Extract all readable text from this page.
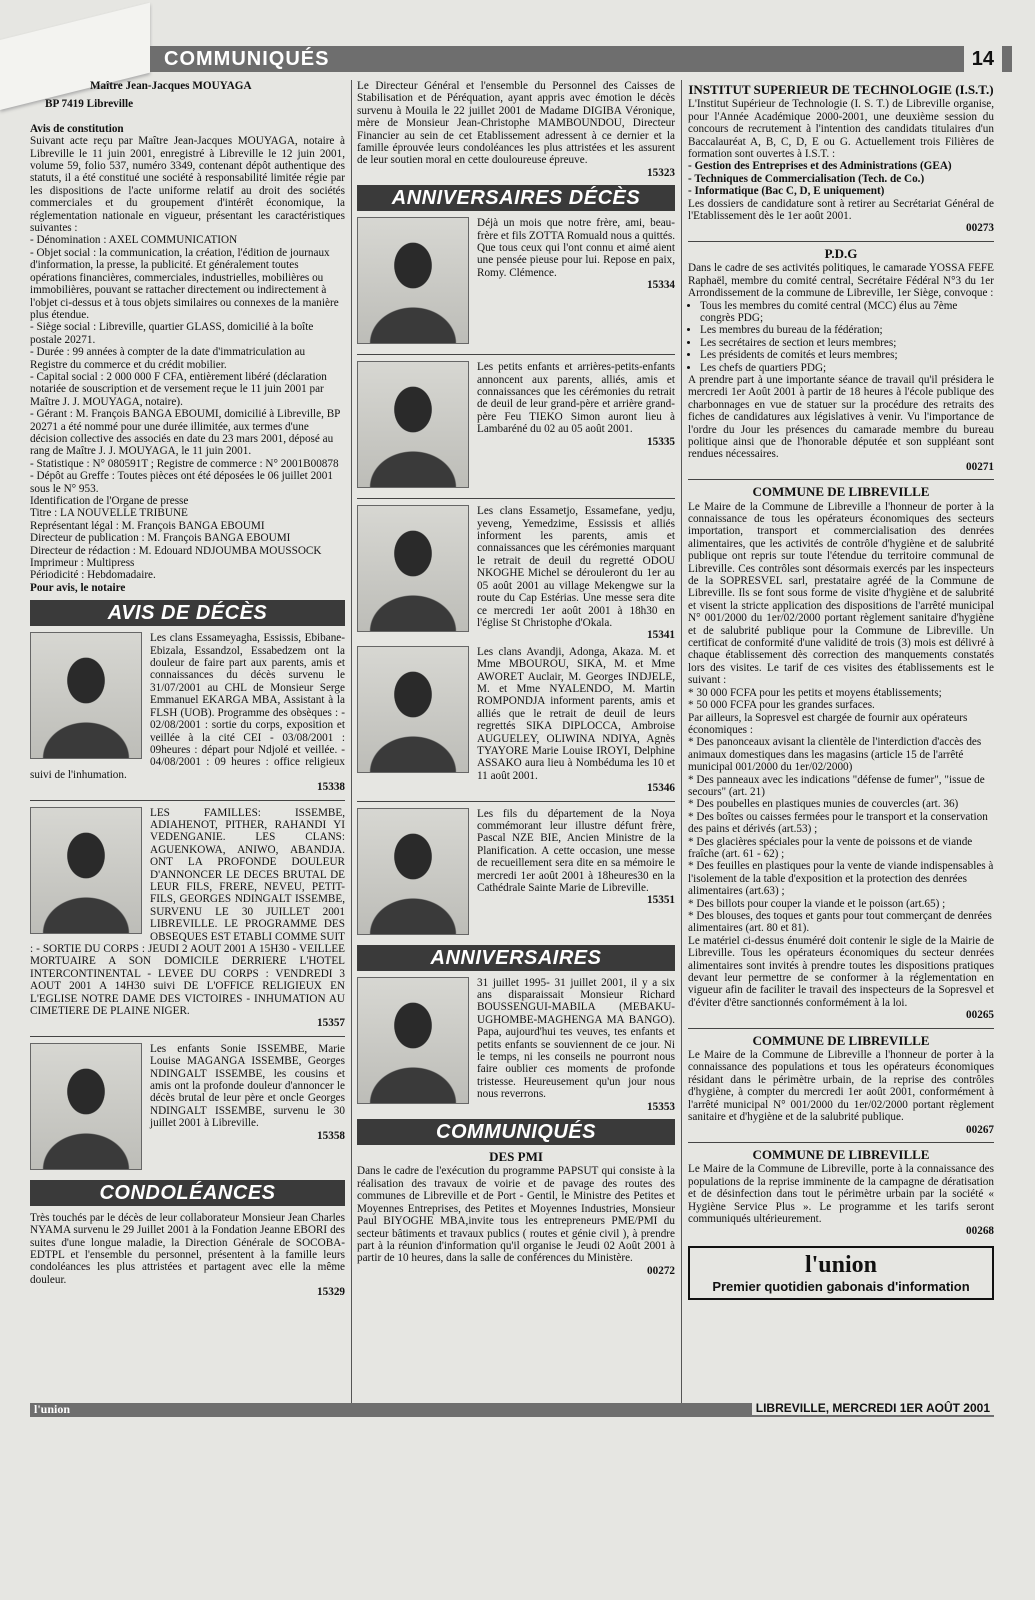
COMMUNIQUÉS	14

Maître Jean-Jacques MOUYAGA

BP 7419 Libreville

Avis de constitution

Suivant acte reçu par Maître Jean-Jacques MOUYAGA, notaire à Libreville le 11 juin 2001, enregistré à Libreville le 12 juin 2001, volume 59, folio 537, numéro 3349, contenant dépôt authentique des statuts, il a été constitué une société à responsabilité limitée régie par les dispositions de l'acte uniforme relatif au droit des sociétés commerciales et du groupement d'intérêt économique, la réglementation nationale en vigueur, présentant les caractéristiques suivantes :

- Dénomination : AXEL COMMUNICATION

- Objet social : la communication, la création, l'édition de journaux d'information, la presse, la publicité. Et généralement toutes opérations financières, commerciales, industrielles, mobilières ou immobilières, pouvant se rattacher directement ou indirectement à l'objet ci-dessus et à tous objets similaires ou connexes de la manière plus étendue.

- Siège social : Libreville, quartier GLASS, domicilié à la boîte postale 20271.

- Durée : 99 années à compter de la date d'immatriculation au Registre du commerce et du crédit mobilier.

- Capital social : 2 000 000 F CFA, entièrement libéré (déclaration notariée de souscription et de versement reçue le 11 juin 2001 par Maître J. J. MOUYAGA, notaire).

- Gérant : M. François BANGA EBOUMI, domicilié à Libreville, BP 20271 a été nommé pour une durée illimitée, aux termes d'une décision collective des associés en date du 23 mars 2001, déposé au rang de Maître J. J. MOUYAGA, le 11 juin 2001.

- Statistique : N° 080591T ; Registre de commerce : N° 2001B00878

- Dépôt au Greffe : Toutes pièces ont été déposées le 06 juillet 2001 sous le N° 953.

Identification de l'Organe de presse

Titre : LA NOUVELLE TRIBUNE

Représentant légal : M. François BANGA EBOUMI

Directeur de publication : M. François BANGA EBOUMI

Directeur de rédaction : M. Edouard NDJOUMBA MOUSSOCK

Imprimeur : Multipress

Périodicité : Hebdomadaire.

Pour avis, le notaire

AVIS DE DÉCÈS

Les clans Essameyagha, Essissis, Ebibane-Ebizala, Essandzol, Essabedzem ont la douleur de faire part aux parents, amis et connaissances du décès survenu le 31/07/2001 au CHL de Monsieur Serge Emmanuel EKARGA MBA, Assistant à la FLSH (UOB). Programme des obsèques : - 02/08/2001 : sortie du corps, exposition et veillée à la cité CEI - 03/08/2001 : 09heures : départ pour Ndjolé et veillée. - 04/08/2001 : 09 heures : office religieux suivi de l'inhumation.

15338

LES FAMILLES: ISSEMBE, ADIAHENOT, PITHER, RAHANDI YI VEDENGANIE. LES CLANS: AGUENKOWA, ANIWO, ABANDJA. ONT LA PROFONDE DOULEUR D'ANNONCER LE DECES BRUTAL DE LEUR FILS, FRERE, NEVEU, PETIT-FILS, GEORGES NDINGALT ISSEMBE, SURVENU LE 30 JUILLET 2001 LIBREVILLE. LE PROGRAMME DES OBSEQUES EST ETABLI COMME SUIT : - SORTIE DU CORPS : JEUDI 2 AOUT 2001 A 15H30 - VEILLEE MORTUAIRE A SON DOMICILE DERRIERE L'HOTEL INTERCONTINENTAL - LEVEE DU CORPS : VENDREDI 3 AOUT 2001 A 14H30 suivi DE L'OFFICE RELIGIEUX EN L'EGLISE NOTRE DAME DES VICTOIRES - INHUMATION AU CIMETIERE DE PLAINE NIGER.

15357

Les enfants Sonie ISSEMBE, Marie Louise MAGANGA ISSEMBE, Georges NDINGALT ISSEMBE, les cousins et amis ont la profonde douleur d'annoncer le décès brutal de leur père et oncle Georges NDINGALT ISSEMBE, survenu le 30 juillet 2001 à Libreville.

15358

CONDOLÉANCES

Très touchés par le décès de leur collaborateur Monsieur Jean Charles NYAMA survenu le 29 Juillet 2001 à la Fondation Jeanne EBORI des suites d'une longue maladie, la Direction Générale de SOCOBA-EDTPL et l'ensemble du personnel, présentent à la famille leurs condoléances les plus attristées et partagent avec elle la même douleur.

15329

Le Directeur Général et l'ensemble du Personnel des Caisses de Stabilisation et de Péréquation, ayant appris avec émotion le décès survenu à Mouila le 22 juillet 2001 de Madame DIGIBA Véronique, mère de Monsieur Jean-Christophe MAMBOUNDOU, Directeur Financier au sein de cet Etablissement adressent à ce dernier et la famille éprouvée leurs condoléances les plus attristées et les assurent de leur soutien moral en cette douloureuse épreuve.

15323

ANNIVERSAIRES DÉCÈS

Déjà un mois que notre frère, ami, beau-frère et fils ZOTTA Romuald nous a quittés. Que tous ceux qui l'ont connu et aimé aient une pensée pieuse pour lui. Repose en paix, Romy. Clémence.

15334

Les petits enfants et arrières-petits-enfants annoncent aux parents, alliés, amis et connaissances que les cérémonies du retrait de deuil de leur grand-père et arrière grand-père Feu TIEKO Simon auront lieu à Lambaréné du 02 au 05 août 2001.

15335

Les clans Essametjo, Essamefane, yedju, yeveng, Yemedzime, Essissis et alliés informent les parents, amis et connaissances que les cérémonies marquant le retrait de deuil du regretté ODOU NKOGHE Michel se dérouleront du 1er au 05 août 2001 au village Mekengwe sur la route du Cap Estérias. Une messe sera dite ce mercredi 1er août 2001 à 18h30 en l'église St Christophe d'Okala.

15341

Les clans Avandji, Adonga, Akaza. M. et Mme MBOUROU, SIKA, M. et Mme AWORET Auclair, M. Georges INDJELE, M. et Mme NYALENDO, M. Martin ROMPONDJA informent parents, amis et alliés que le retrait de deuil de leurs regrettés SIKA DIPLOCCA, Ambroise AUGUELEY, OLIWINA NDIYA, Agnès TYAYORE Marie Louise IROYI, Delphine ASSAKO aura lieu à Nombéduma les 10 et 11 août 2001.

15346

Les fils du département de la Noya commémorant leur illustre défunt frère, Pascal NZE BIE, Ancien Ministre de la Planification. A cette occasion, une messe de recueillement sera dite en sa mémoire le mercredi 1er août 2001 à 18heures30 en la Cathédrale Sainte Marie de Libreville.

15351

ANNIVERSAIRES

31 juillet 1995- 31 juillet 2001, il y a six ans disparaissait Monsieur Richard BOUSSENGUI-MABILA (MEBAKU-UGHOMBE-MAGHENGA MA BANGO). Papa, aujourd'hui tes veuves, tes enfants et petits enfants se souviennent de ce jour. Ni le temps, ni les conseils ne pourront nous faire oublier ces moments de profonde tristesse. Heureusement qu'un jour nous nous reverrons.

15353

COMMUNIQUÉS

DES PMI

Dans le cadre de l'exécution du programme PAPSUT qui consiste à la réalisation des travaux de voirie et de pavage des routes des communes de Libreville et de Port - Gentil, le Ministre des Petites et Moyennes Entreprises, des Petites et Moyennes Industries, Monsieur Paul BIYOGHE MBA,invite tous les entrepreneurs PME/PMI du secteur bâtiments et travaux publics ( routes et génie civil ), à prendre part à la réunion d'information qu'il organise le Jeudi 02 Août 2001 à partir de 10 heures, dans la salle de conférences du Ministère.

00272

INSTITUT SUPERIEUR DE TECHNOLOGIE (I.S.T.)

L'Institut Supérieur de Technologie (I. S. T.) de Libreville organise, pour l'Année Académique 2000-2001, une deuxième session du concours de recrutement à l'intention des candidats titulaires d'un Baccalauréat A, B, C, D, E ou G. Actuellement trois Filières de formation sont ouvertes à I.S.T. :

- Gestion des Entreprises et des Administrations (GEA)

- Techniques de Commercialisation (Tech. de Co.)

- Informatique (Bac C, D, E uniquement)

Les dossiers de candidature sont à retirer au Secrétariat Général de l'Etablissement dès le 1er août 2001.

00273

P.D.G

Dans le cadre de ses activités politiques, le camarade YOSSA FEFE Raphaël, membre du comité central, Secrétaire Fédéral N°3 du 1er Arrondissement de la commune de Libreville, 1er Siège, convoque :

• Tous les membres du comité central (MCC) élus au 7ème congrès PDG;
• Les membres du bureau de la fédération;
• Les secrétaires de section et leurs membres;
• Les présidents de comités et leurs membres;
• Les chefs de quartiers PDG;

A prendre part à une importante séance de travail qu'il présidera le mercredi 1er Août 2001 à partir de 18 heures à l'école publique des charbonnages en vue de statuer sur la procédure des retraits des fiches de candidatures aux législatives à venir. Vu l'importance de l'ordre du Jour les présences du camarade membre du bureau politique ainsi que de l'honorable députée et son suppléant sont rendues nécessaires.

00271

COMMUNE DE LIBREVILLE

Le Maire de la Commune de Libreville a l'honneur de porter à la connaissance de tous les opérateurs économiques des secteurs importation, transport et commercialisation des denrées alimentaires, que les activités de contrôle d'hygiène et de salubrité publique ont repris sur toute l'étendue du territoire communal de Libreville. Ces contrôles sont désormais exercés par les inspecteurs de la SOPRESVEL sarl, prestataire agréé de la Commune de Libreville. Ils se font sous forme de visite d'hygiène et de salubrité et visent la stricte application des dispositions de l'arrêté municipal N° 001/2000 du 1er/02/2000 portant règlement sanitaire d'hygiène et de salubrité publique pour la Commune de Libreville. Un certificat de conformité d'une validité de trois (3) mois est délivré à chaque établissement dès correction des manquements constatés lors des visites. Le tarif de ces visites des établissements est le suivant :

* 30 000 FCFA pour les petits et moyens établissements;

* 50 000 FCFA pour les grandes surfaces.

Par ailleurs, la Sopresvel est chargée de fournir aux opérateurs économiques :

* Des panonceaux avisant la clientèle de l'interdiction d'accès des animaux domestiques dans les magasins (article 15 de l'arrêté municipal 001/2000 du 1er/02/2000)

* Des panneaux avec les indications "défense de fumer", "issue de secours" (art. 21)

* Des poubelles en plastiques munies de couvercles (art. 36)

* Des boîtes ou caisses fermées pour le transport et la conservation des pains et dérivés (art.53) ;

* Des glacières spéciales pour la vente de poissons et de viande fraîche (art. 61 - 62) ;

* Des feuilles en plastiques pour la vente de viande indispensables à l'isolement de la table d'exposition et la protection des denrées alimentaires (art.63) ;

* Des billots pour couper la viande et le poisson (art.65) ;

* Des blouses, des toques et gants pour tout commerçant de denrées alimentaires (art. 80 et 81).

Le matériel ci-dessus énuméré doit contenir le sigle de la Mairie de Libreville. Tous les opérateurs économiques du secteur denrées alimentaires sont invités à prendre toutes les dispositions pratiques devant leur permettre de se conformer à la réglementation en vigueur afin de faciliter le travail des inspecteurs de la Sopresvel et d'éviter d'être sanctionnés conformément à la loi.

00265

COMMUNE DE LIBREVILLE

Le Maire de la Commune de Libreville a l'honneur de porter à la connaissance des populations et tous les opérateurs économiques résidant dans le périmètre urbain, de la reprise des contrôles d'hygiène, à compter du mercredi 1er août 2001, conformément à l'arrêté municipal N° 001/2000 du 1er/02/2000 portant règlement sanitaire et d'hygiène et de la salubrité publique.

00267

COMMUNE DE LIBREVILLE

Le Maire de la Commune de Libreville, porte à la connaissance des populations de la reprise imminente de la campagne de dératisation et de désinfection dans tout le périmètre urbain par la société « Hygiène Service Plus ». Le programme et les tarifs seront communiqués ultérieurement.

00268

l'union
Premier quotidien gabonais d'information
l'union	LIBREVILLE, MERCREDI 1ER AOÛT 2001
